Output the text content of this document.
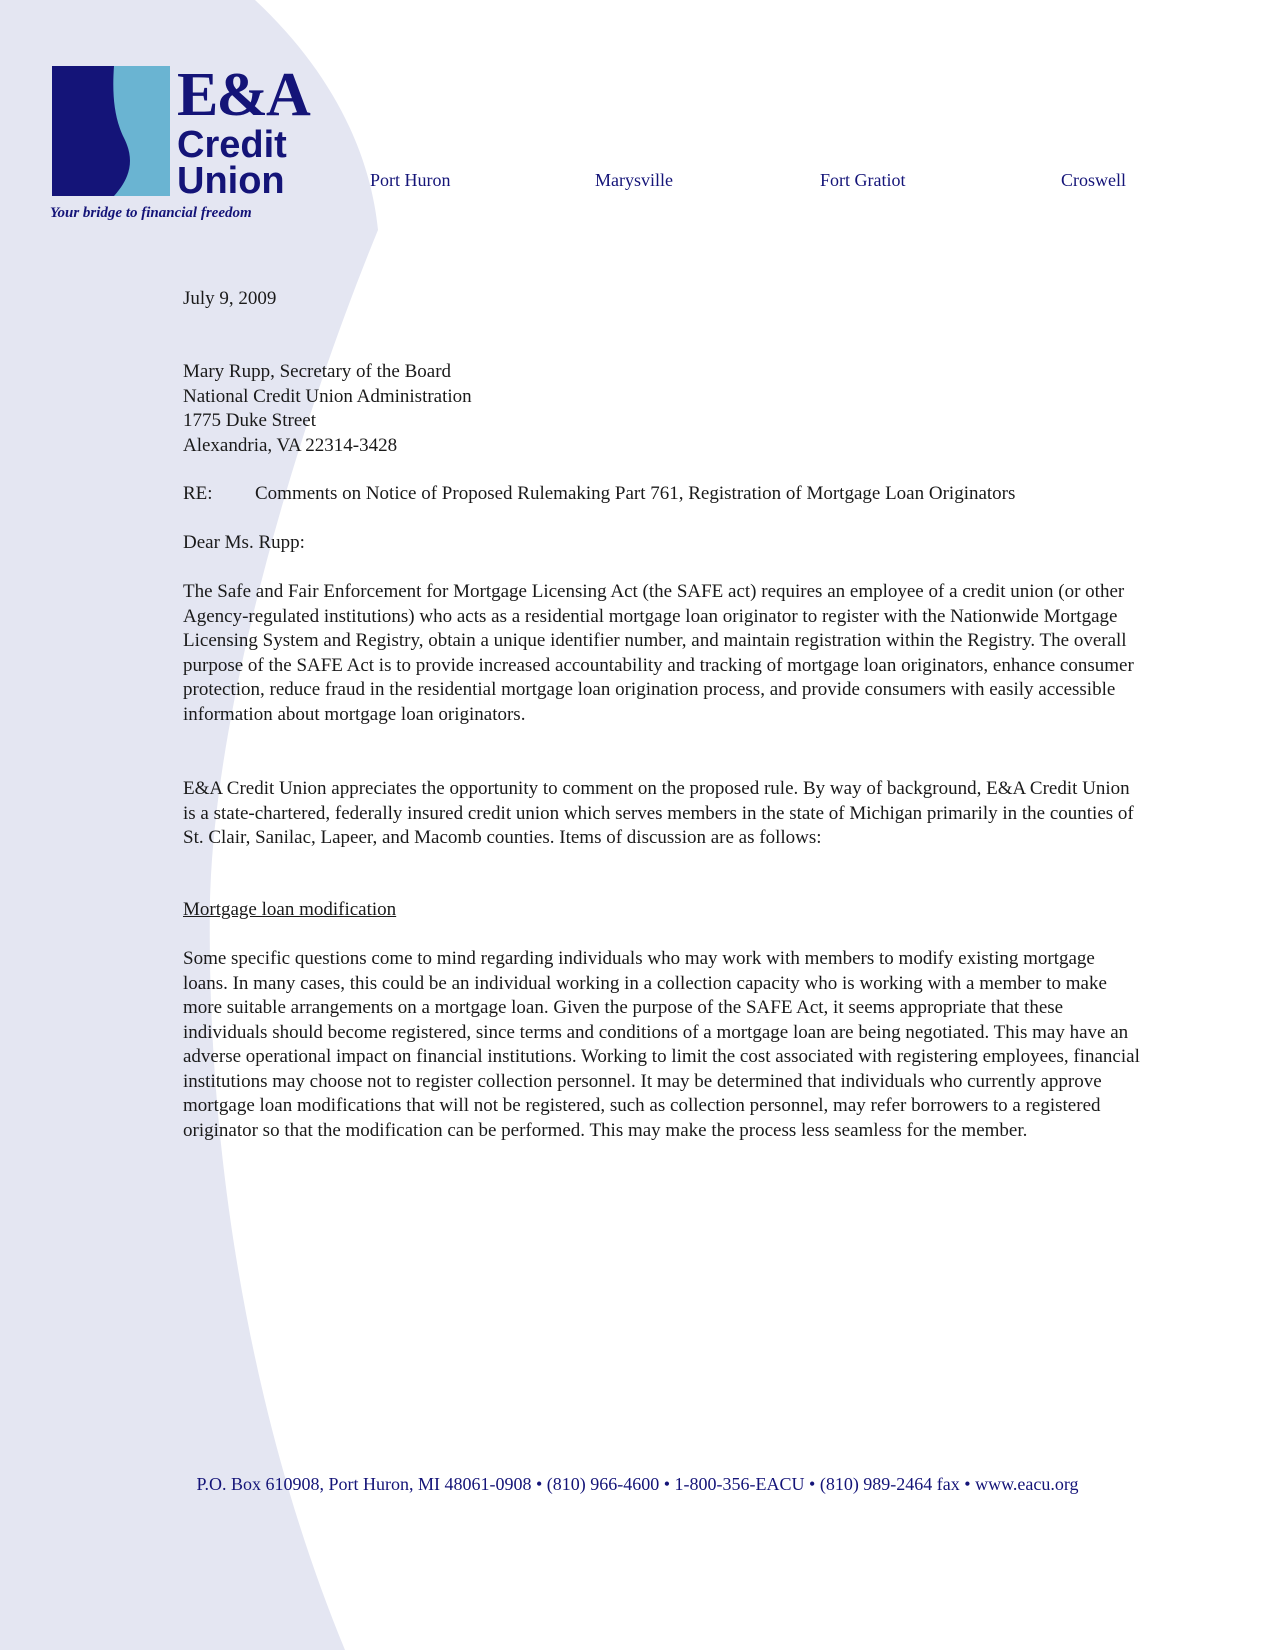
E&A
Credit
Union
Your bridge to financial freedom
Port Huron	Marysville	Fort Gratiot	Croswell
July 9, 2009
Mary Rupp, Secretary of the Board
National Credit Union Administration
1775 Duke Street
Alexandria, VA 22314-3428
RE: Comments on Notice of Proposed Rulemaking Part 761, Registration of Mortgage Loan Originators
Dear Ms. Rupp:
The Safe and Fair Enforcement for Mortgage Licensing Act (the SAFE act) requires an employee of a credit union (or other Agency-regulated institutions) who acts as a residential mortgage loan originator to register with the Nationwide Mortgage Licensing System and Registry, obtain a unique identifier number, and maintain registration within the Registry. The overall purpose of the SAFE Act is to provide increased accountability and tracking of mortgage loan originators, enhance consumer protection, reduce fraud in the residential mortgage loan origination process, and provide consumers with easily accessible information about mortgage loan originators.
E&A Credit Union appreciates the opportunity to comment on the proposed rule. By way of background, E&A Credit Union is a state-chartered, federally insured credit union which serves members in the state of Michigan primarily in the counties of St. Clair, Sanilac, Lapeer, and Macomb counties. Items of discussion are as follows:
Mortgage loan modification
Some specific questions come to mind regarding individuals who may work with members to modify existing mortgage loans. In many cases, this could be an individual working in a collection capacity who is working with a member to make more suitable arrangements on a mortgage loan. Given the purpose of the SAFE Act, it seems appropriate that these individuals should become registered, since terms and conditions of a mortgage loan are being negotiated. This may have an adverse operational impact on financial institutions. Working to limit the cost associated with registering employees, financial institutions may choose not to register collection personnel. It may be determined that individuals who currently approve mortgage loan modifications that will not be registered, such as collection personnel, may refer borrowers to a registered originator so that the modification can be performed. This may make the process less seamless for the member.
P.O. Box 610908, Port Huron, MI 48061-0908 • (810) 966-4600 • 1-800-356-EACU • (810) 989-2464 fax • www.eacu.org
